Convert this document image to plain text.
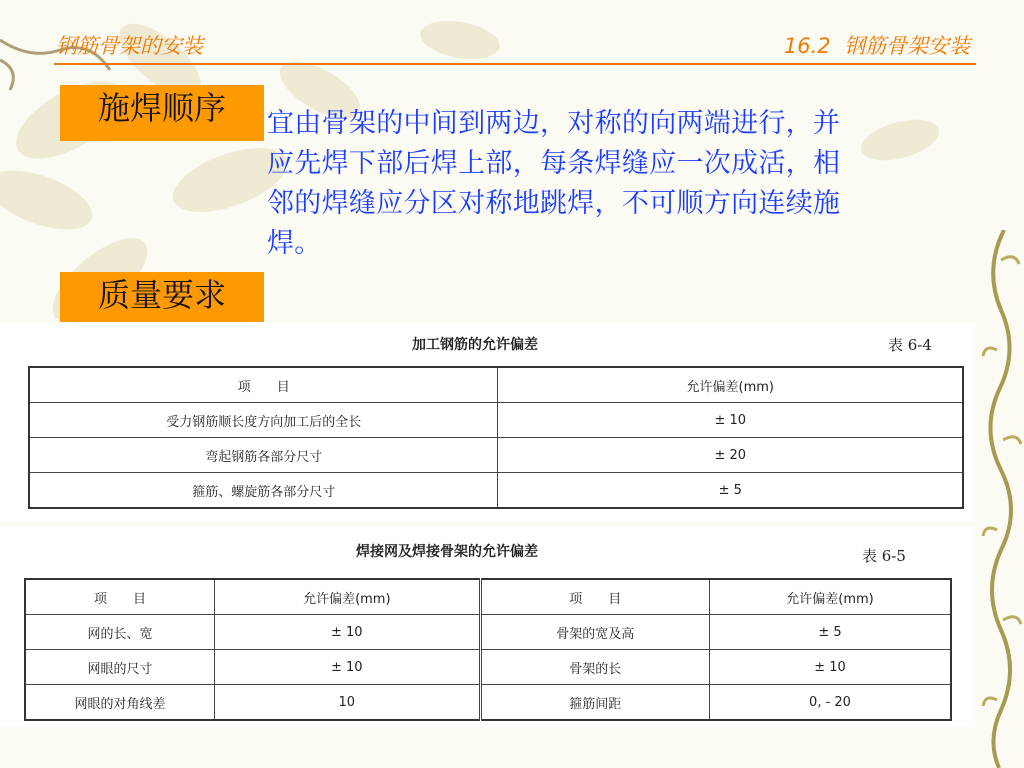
钢筋骨架的安装	16.2  钢筋骨架安装
施焊顺序	宜由骨架的中间到两边，对称的向两端进行，并
应先焊下部后焊上部，每条焊缝应一次成活，相
邻的焊缝应分区对称地跳焊，不可顺方向连续施
焊。
质量要求
加工钢筋的允许偏差	表 6-4
项　　目	允许偏差(mm)
受力钢筋顺长度方向加工后的全长	± 10
弯起钢筋各部分尺寸	± 20
箍筋、螺旋筋各部分尺寸	± 5
焊接网及焊接骨架的允许偏差	表 6-5
项　　目	允许偏差(mm)	项　　目	允许偏差(mm)
网的长、宽	± 10	骨架的宽及高	± 5
网眼的尺寸	± 10	骨架的长	± 10
网眼的对角线差	10	箍筋间距	0, - 20
